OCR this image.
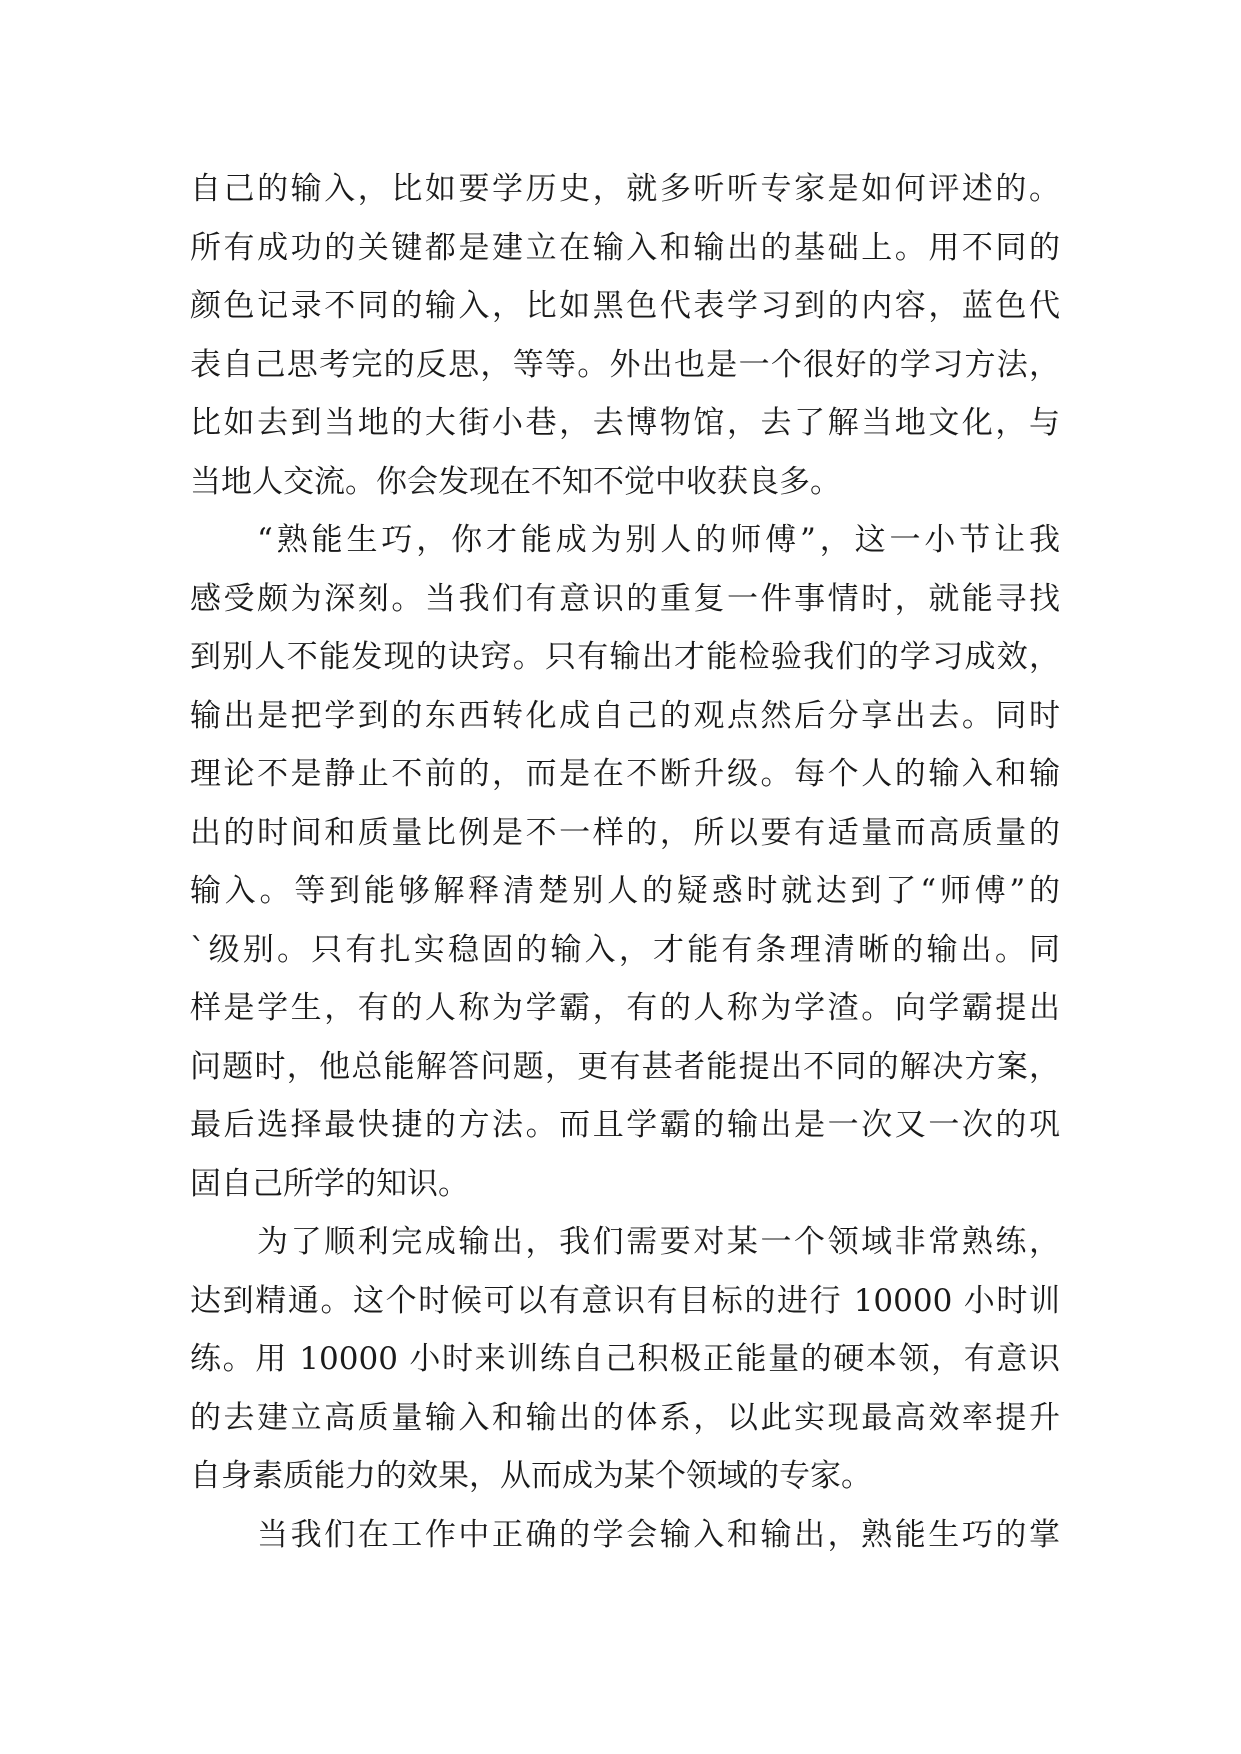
自己的输入，比如要学历史，就多听听专家是如何评述的。
所有成功的关键都是建立在输入和输出的基础上。用不同的
颜色记录不同的输入，比如黑色代表学习到的内容，蓝色代
表自己思考完的反思，等等。外出也是一个很好的学习方法，
比如去到当地的大街小巷，去博物馆，去了解当地文化，与
当地人交流。你会发现在不知不觉中收获良多。
“熟能生巧，你才能成为别人的师傅”，这一小节让我
感受颇为深刻。当我们有意识的重复一件事情时，就能寻找
到别人不能发现的诀窍。只有输出才能检验我们的学习成效，
输出是把学到的东西转化成自己的观点然后分享出去。同时
理论不是静止不前的，而是在不断升级。每个人的输入和输
出的时间和质量比例是不一样的，所以要有适量而高质量的
输入。等到能够解释清楚别人的疑惑时就达到了“师傅”的
`级别。只有扎实稳固的输入，才能有条理清晰的输出。同
样是学生，有的人称为学霸，有的人称为学渣。向学霸提出
问题时，他总能解答问题，更有甚者能提出不同的解决方案，
最后选择最快捷的方法。而且学霸的输出是一次又一次的巩
固自己所学的知识。
为了顺利完成输出，我们需要对某一个领域非常熟练，
达到精通。这个时候可以有意识有目标的进行 10000 小时训
练。用 10000 小时来训练自己积极正能量的硬本领，有意识
的去建立高质量输入和输出的体系，以此实现最高效率提升
自身素质能力的效果，从而成为某个领域的专家。
当我们在工作中正确的学会输入和输出，熟能生巧的掌
